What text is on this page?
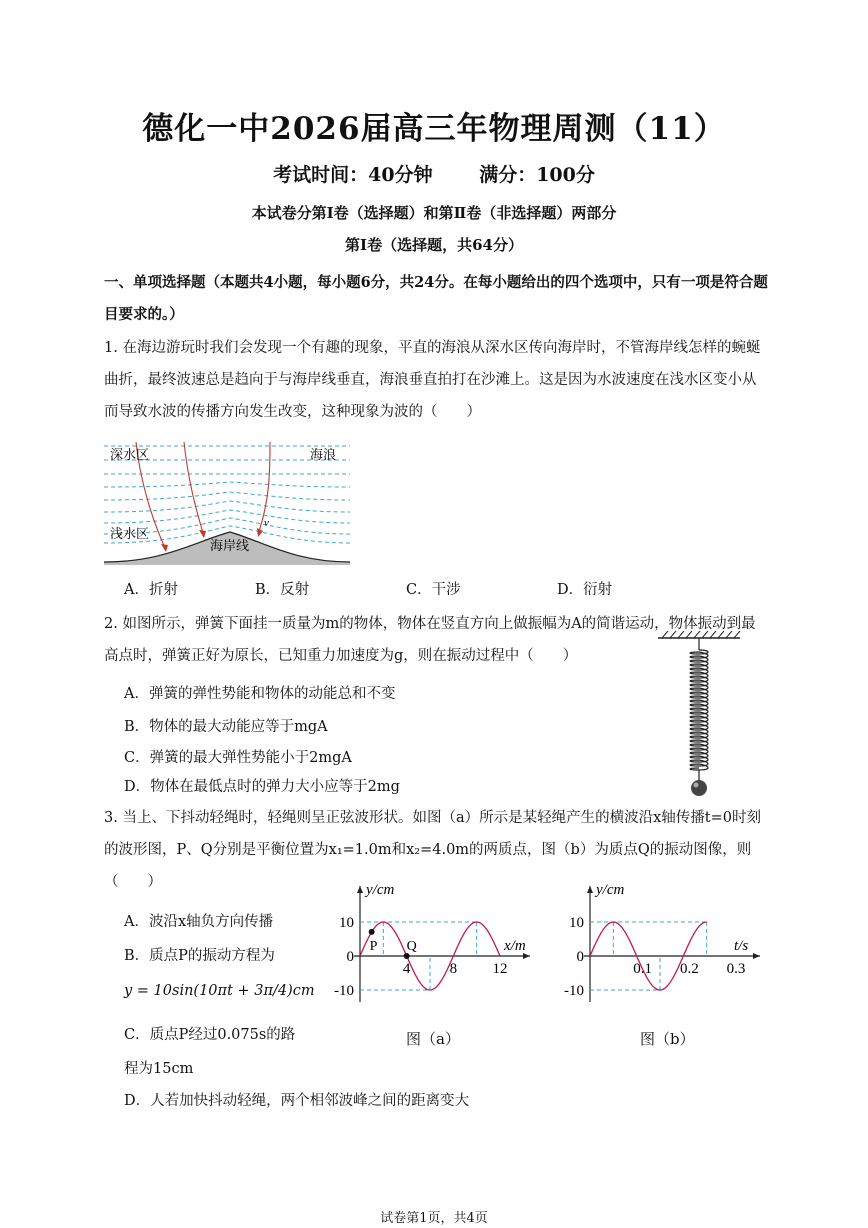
德化一中2026届高三年物理周测（11）
考试时间：40分钟 满分：100分
本试卷分第Ⅰ卷（选择题）和第Ⅱ卷（非选择题）两部分
第Ⅰ卷（选择题，共64分）
一、单项选择题（本题共4小题，每小题6分，共24分。在每小题给出的四个选项中，只有一项是符合题目要求的。）
1. 在海边游玩时我们会发现一个有趣的现象，平直的海浪从深水区传向海岸时，不管海岸线怎样的蜿蜒曲折，最终波速总是趋向于与海岸线垂直，海浪垂直拍打在沙滩上。这是因为水波速度在浅水区变小从而导致水波的传播方向发生改变，这种现象为波的（　　）
深水区	海浪
浅水区
海岸线
v
A．折射	B．反射	C．干涉	D．衍射
2. 如图所示，弹簧下面挂一质量为m的物体，物体在竖直方向上做振幅为A的简谐运动，物体振动到最高点时，弹簧正好为原长，已知重力加速度为g，则在振动过程中（　　）
A．弹簧的弹性势能和物体的动能总和不变
B．物体的最大动能应等于mgA
C．弹簧的最大弹性势能小于2mgA
D．物体在最低点时的弹力大小应等于2mg
3. 当上、下抖动轻绳时，轻绳则呈正弦波形状。如图（a）所示是某轻绳产生的横波沿x轴传播t=0时刻的波形图，P、Q分别是平衡位置为x₁=1.0m和x₂=4.0m的两质点，图（b）为质点Q的振动图像，则（　　）
A．波沿x轴负方向传播
B．质点P的振动方程为
y = 10sin(10πt + 3π/4)cm
C．质点P经过0.075s的路
程为15cm
D．人若加快抖动轻绳，两个相邻波峰之间的距离变大
y/cm
x/m
10
0
-10
4	8 12
P Q
图（a）
y/cm
t/s
10
0
-10
0.1 0.2 0.3
图（b）
试卷第1页，共4页
